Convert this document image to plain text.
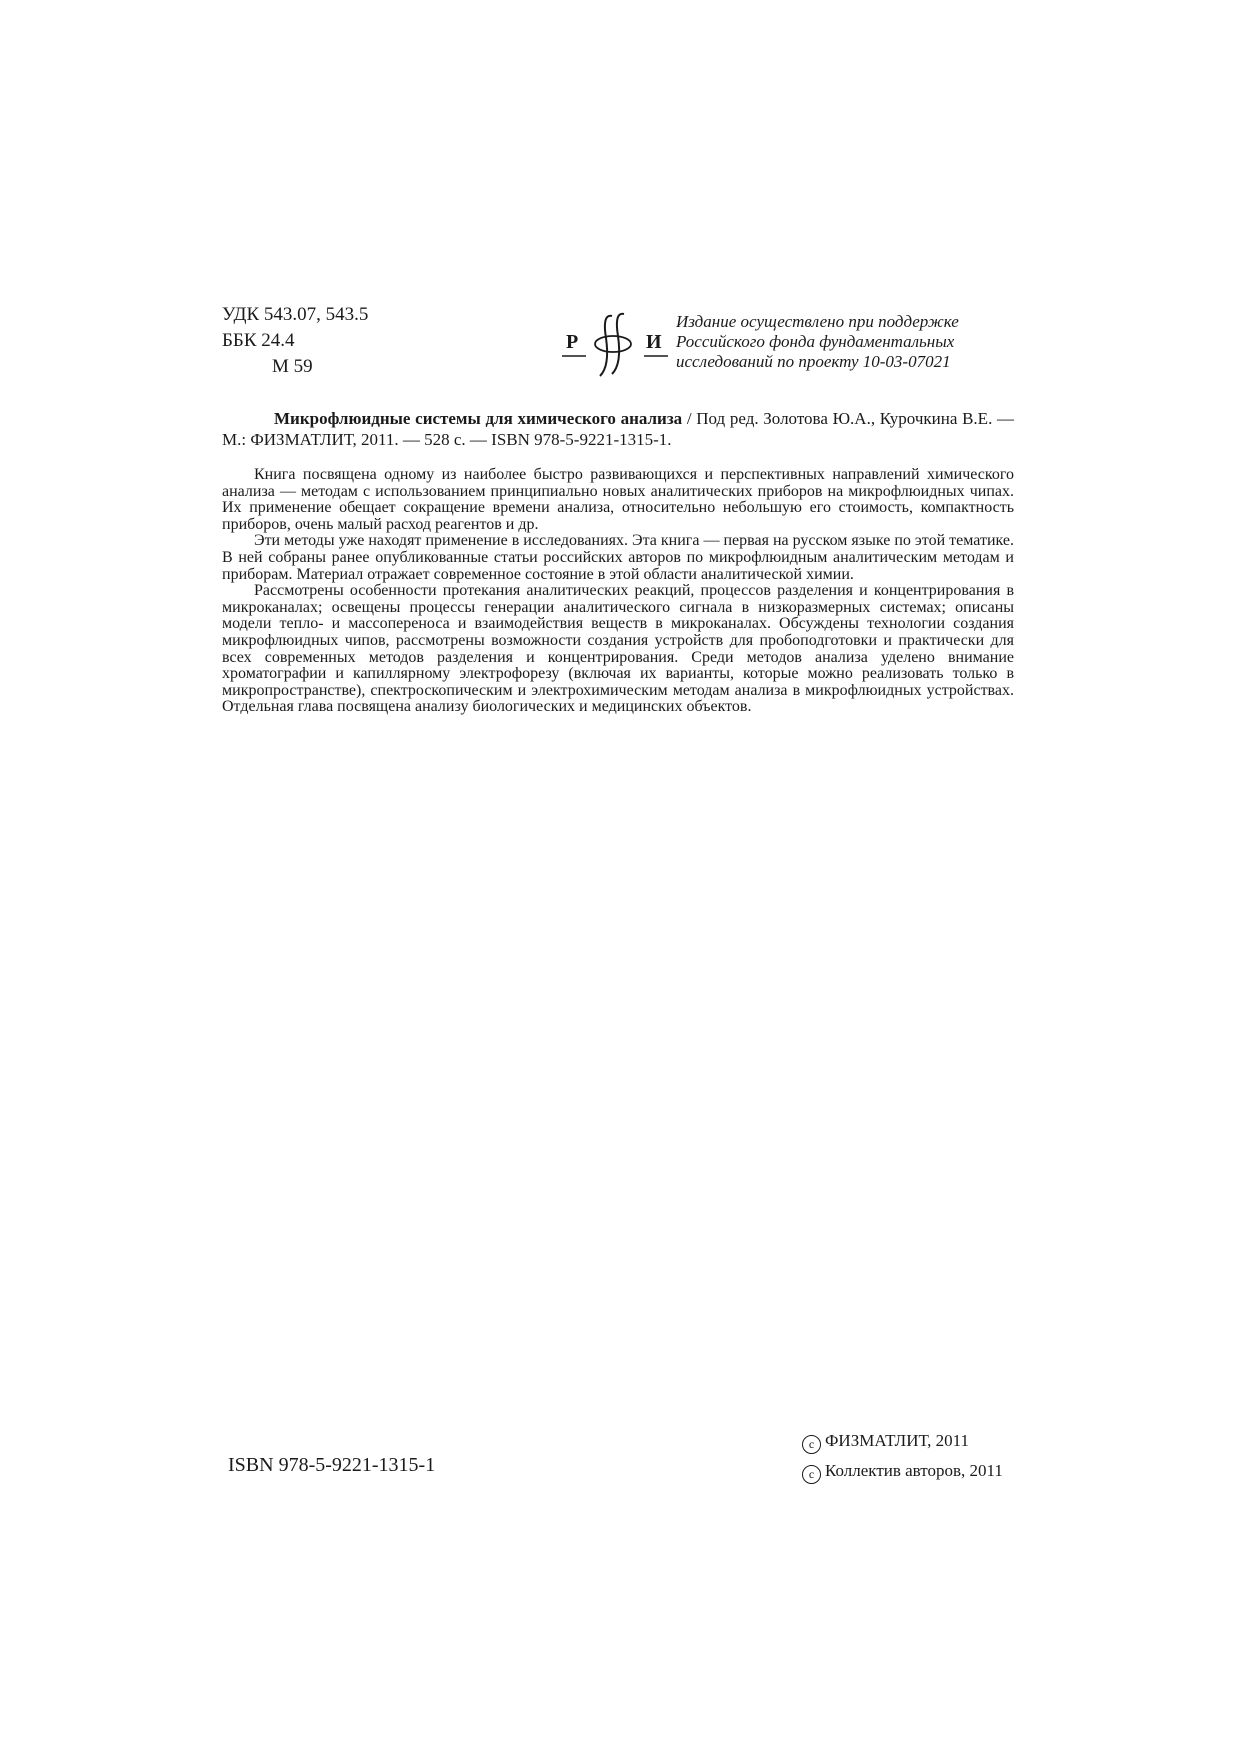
УДК 543.07, 543.5
ББК 24.4
М 59
Р	И
Издание осуществлено при поддержке
Российского фонда фундаментальных
исследований по проекту 10-03-07021

Микрофлюидные системы для химического анализа / Под ред. Золотова Ю.А., Курочкина В.Е. — М.: ФИЗМАТЛИТ, 2011. — 528 с. — ISBN 978-5-9221-1315-1.

Книга посвящена одному из наиболее быстро развивающихся и перспективных направлений химического анализа — методам с использованием принципиально новых аналитических приборов на микрофлюидных чипах. Их применение обещает сокращение времени анализа, относительно небольшую его стоимость, компактность приборов, очень малый расход реагентов и др.

Эти методы уже находят применение в исследованиях. Эта книга — первая на русском языке по этой тематике. В ней собраны ранее опубликованные статьи российских авторов по микрофлюидным аналитическим методам и приборам. Материал отражает современное состояние в этой области аналитической химии.

Рассмотрены особенности протекания аналитических реакций, процессов разделения и концентрирования в микроканалах; освещены процессы генерации аналитического сигнала в низкоразмерных системах; описаны модели тепло- и массопереноса и взаимодействия веществ в микроканалах. Обсуждены технологии создания микрофлюидных чипов, рассмотрены возможности создания устройств для пробоподготовки и практически для всех современных методов разделения и концентрирования. Среди методов анализа уделено внимание хроматографии и капиллярному электрофорезу (включая их варианты, которые можно реализовать только в микропространстве), спектроскопическим и электрохимическим методам анализа в микрофлюидных устройствах. Отдельная глава посвящена анализу биологических и медицинских объектов.

ISBN 978-5-9221-1315-1
c ФИЗМАТЛИТ, 2011
c Коллектив авторов, 2011
